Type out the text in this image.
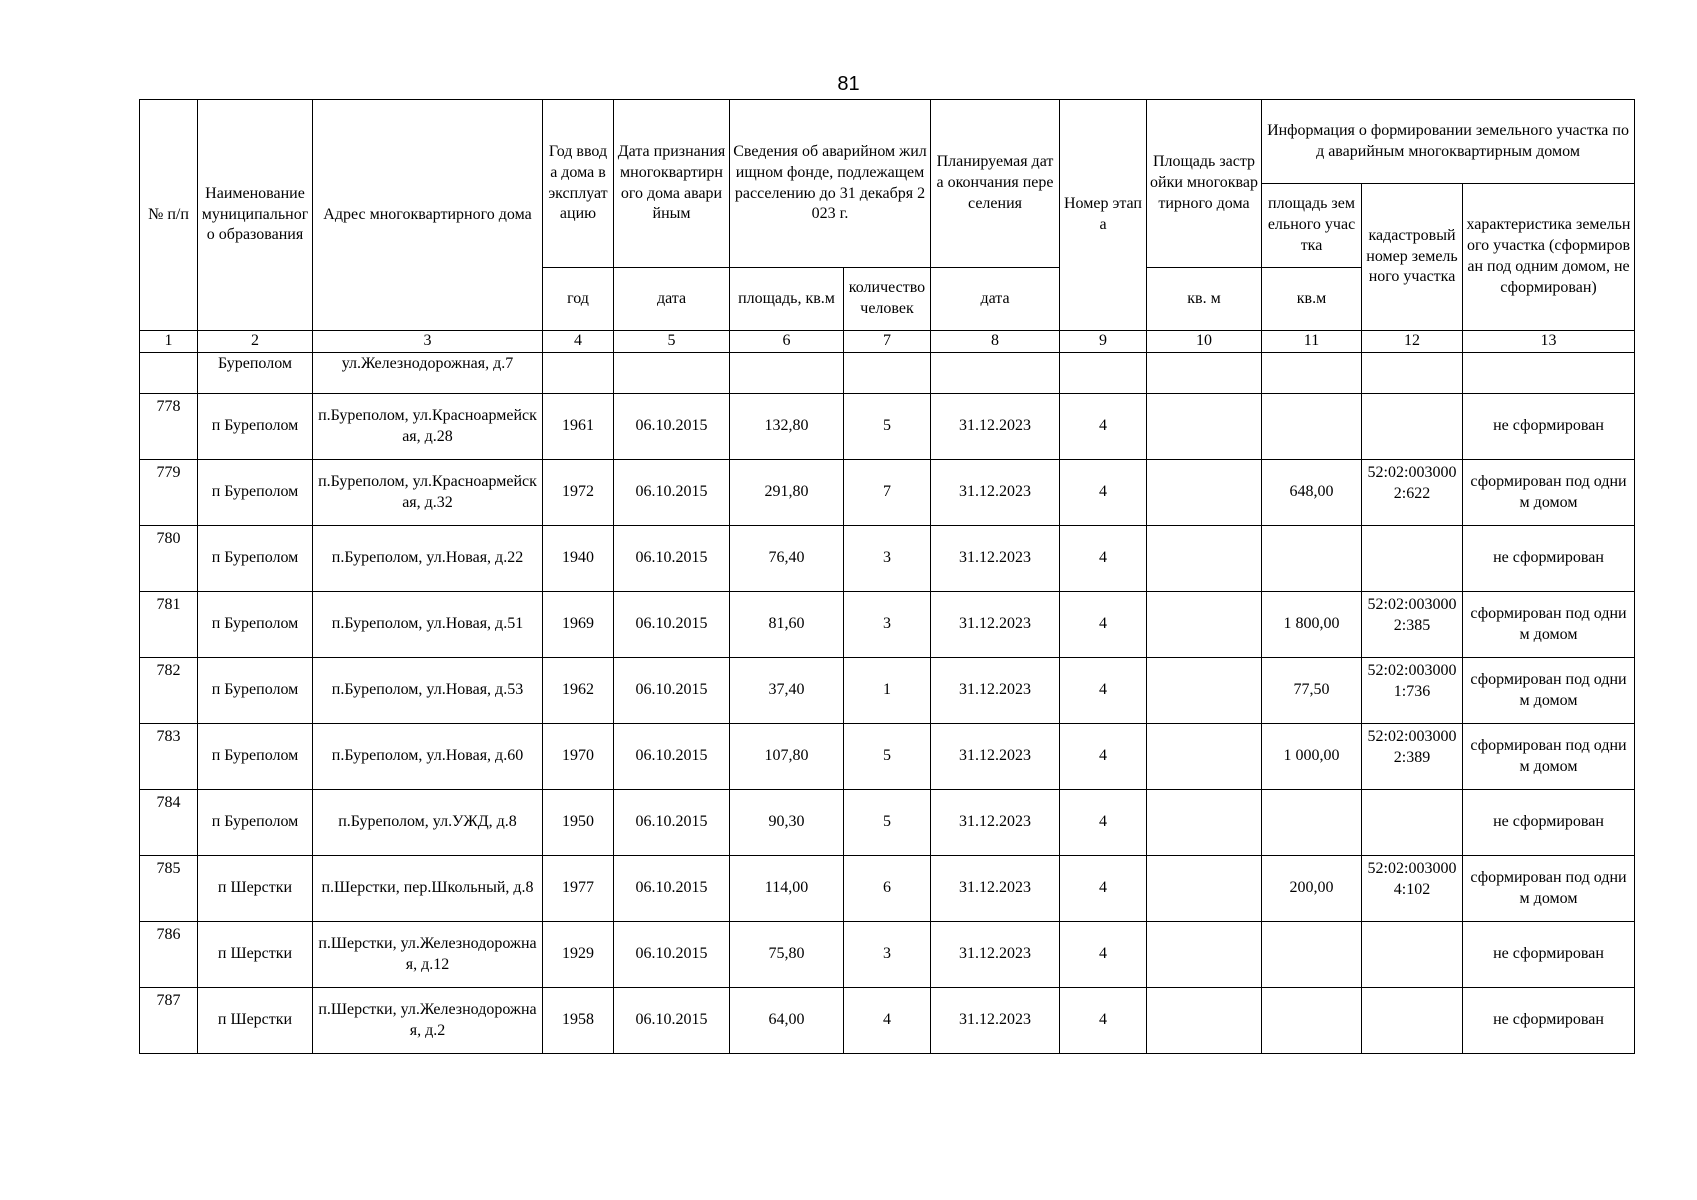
81
№ п/п	Наименование муниципального образования	Адрес многоквартирного дома	Год ввода дома в эксплуатацию	Дата признания многоквартирного дома аварийным	Сведения об аварийном жилищном фонде, подлежащем расселению до 31 декабря 2023 г.		Планируемая дата окончания переселения	Номер этапа	Площадь застройки многоквартирного дома	Информация о формировании земельного участка под аварийным многоквартирным домом		
										площадь земельного участка	кадастровый номер земельного участка	характеристика земельного участка (сформирован под одним домом, не сформирован)
			год	дата	площадь, кв.м	количество человек	дата		кв. м	кв.м		
1	2	3	4	5	6	7	8	9	10	11	12	13
	Буреполом	ул.Железнодорожная, д.7										
778	п Буреполом	п.Буреполом, ул.Красноармейская, д.28	1961	06.10.2015	132,80	5	31.12.2023	4				не сформирован
779	п Буреполом	п.Буреполом, ул.Красноармейская, д.32	1972	06.10.2015	291,80	7	31.12.2023	4		648,00	52:02:0030002:622	сформирован под одним домом
780	п Буреполом	п.Буреполом, ул.Новая, д.22	1940	06.10.2015	76,40	3	31.12.2023	4				не сформирован
781	п Буреполом	п.Буреполом, ул.Новая, д.51	1969	06.10.2015	81,60	3	31.12.2023	4		1 800,00	52:02:0030002:385	сформирован под одним домом
782	п Буреполом	п.Буреполом, ул.Новая, д.53	1962	06.10.2015	37,40	1	31.12.2023	4		77,50	52:02:0030001:736	сформирован под одним домом
783	п Буреполом	п.Буреполом, ул.Новая, д.60	1970	06.10.2015	107,80	5	31.12.2023	4		1 000,00	52:02:0030002:389	сформирован под одним домом
784	п Буреполом	п.Буреполом, ул.УЖД, д.8	1950	06.10.2015	90,30	5	31.12.2023	4				не сформирован
785	п Шерстки	п.Шерстки, пер.Школьный, д.8	1977	06.10.2015	114,00	6	31.12.2023	4		200,00	52:02:0030004:102	сформирован под одним домом
786	п Шерстки	п.Шерстки, ул.Железнодорожная, д.12	1929	06.10.2015	75,80	3	31.12.2023	4				не сформирован
787	п Шерстки	п.Шерстки, ул.Железнодорожная, д.2	1958	06.10.2015	64,00	4	31.12.2023	4				не сформирован
